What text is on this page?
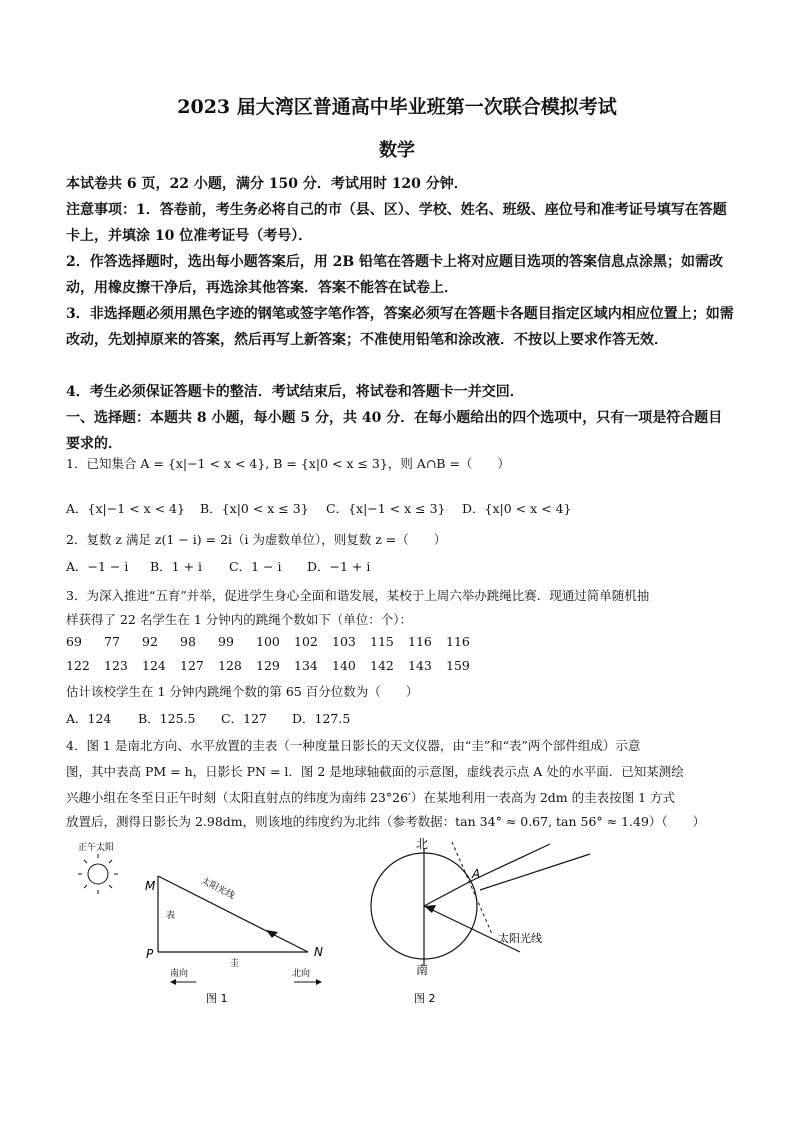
2023 届大湾区普通高中毕业班第一次联合模拟考试
数学
本试卷共 6 页，22 小题，满分 150 分．考试用时 120 分钟．
注意事项：1．答卷前，考生务必将自己的市（县、区）、学校、姓名、班级、座位号和准考证号填写在答题卡上，并填涂 10 位准考证号（考号）．
2．作答选择题时，选出每小题答案后，用 2B 铅笔在答题卡上将对应题目选项的答案信息点涂黑；如需改动，用橡皮擦干净后，再选涂其他答案．答案不能答在试卷上．
3．非选择题必须用黑色字迹的钢笔或签字笔作答，答案必须写在答题卡各题目指定区域内相应位置上；如需改动，先划掉原来的答案，然后再写上新答案；不准使用铅笔和涂改液．不按以上要求作答无效．
4．考生必须保证答题卡的整洁．考试结束后，将试卷和答题卡一并交回．
一、选择题：本题共 8 小题，每小题 5 分，共 40 分．在每小题给出的四个选项中，只有一项是符合题目要求的．
1．已知集合 A = {x|−1 < x < 4}, B = {x|0 < x ≤ 3}，则 A∩B =（　　）
A．{x|−1 < x < 4} B．{x|0 < x ≤ 3} C．{x|−1 < x ≤ 3} D．{x|0 < x < 4}
2．复数 z 满足 z(1 − i) = 2i（i 为虚数单位），则复数 z =（　　）
A．−1 − i B．1 + i C．1 − i D．−1 + i
3．为深入推进“五育”并举，促进学生身心全面和谐发展，某校于上周六举办跳绳比赛．现通过简单随机抽
样获得了 22 名学生在 1 分钟内的跳绳个数如下（单位：个）：
69 77 92 98 99 100 102 103 115 116 116
122 123 124 127 128 129 134 140 142 143 159
估计该校学生在 1 分钟内跳绳个数的第 65 百分位数为（　　）
A．124 B．125.5 C．127 D．127.5
4．图 1 是南北方向、水平放置的圭表（一种度量日影长的天文仪器，由“圭”和“表”两个部件组成）示意
图，其中表高 PM = h，日影长 PN = l．图 2 是地球轴截面的示意图，虚线表示点 A 处的水平面．已知某测绘
兴趣小组在冬至日正午时刻（太阳直射点的纬度为南纬 23°26′）在某地利用一表高为 2dm 的圭表按图 1 方式
放置后，测得日影长为 2.98dm，则该地的纬度约为北纬（参考数据：tan 34° ≈ 0.67, tan 56° ≈ 1.49）（　　）
正午太阳
M
P	N
太阳光线
表
圭
南向	北向
图 1
北
南
A
太阳光线
图 2
